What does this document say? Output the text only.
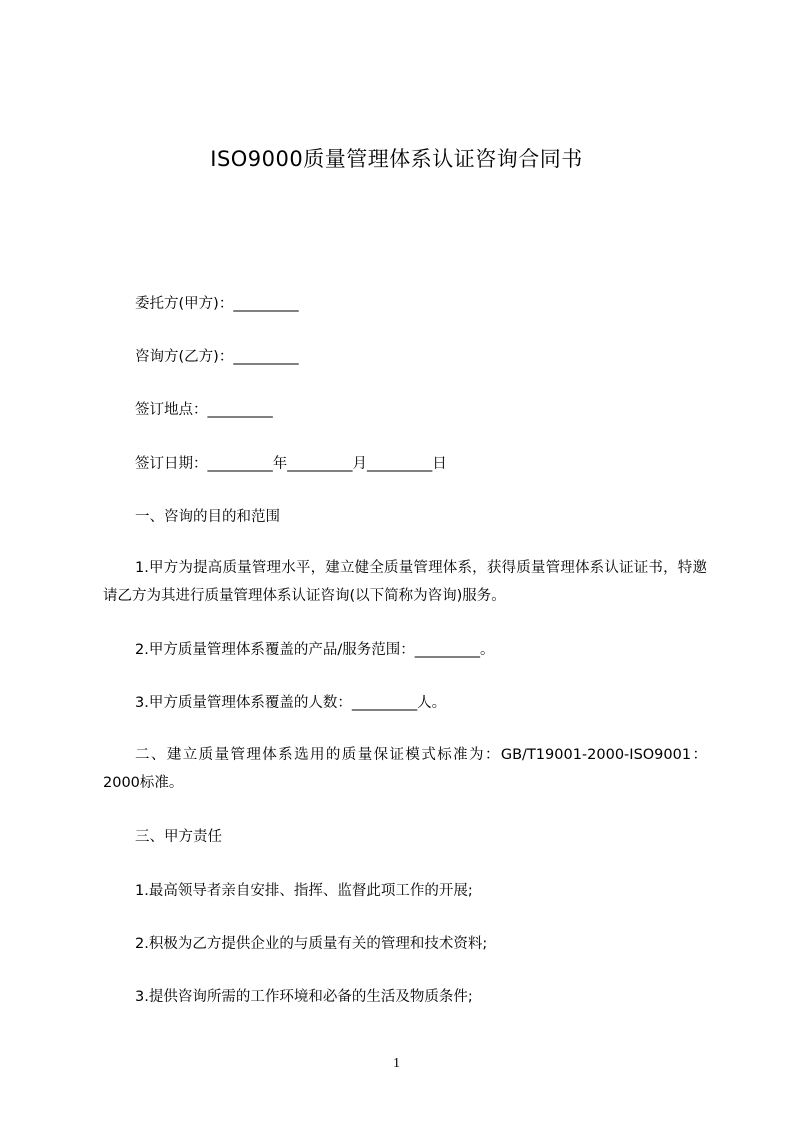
ISO9000质量管理体系认证咨询合同书
委托方(甲方)：_________
咨询方(乙方)：_________
签订地点：_________
签订日期：_________年_________月_________日
一、咨询的目的和范围
1.甲方为提高质量管理水平，建立健全质量管理体系，获得质量管理体系认证证书，特邀请乙方为其进行质量管理体系认证咨询(以下简称为咨询)服务。
2.甲方质量管理体系覆盖的产品/服务范围：_________。
3.甲方质量管理体系覆盖的人数：_________人。
二、建立质量管理体系选用的质量保证模式标准为：GB/T19001-2000-ISO9001：2000标准。
三、甲方责任
1.最高领导者亲自安排、指挥、监督此项工作的开展;
2.积极为乙方提供企业的与质量有关的管理和技术资料;
3.提供咨询所需的工作环境和必备的生活及物质条件;
1
